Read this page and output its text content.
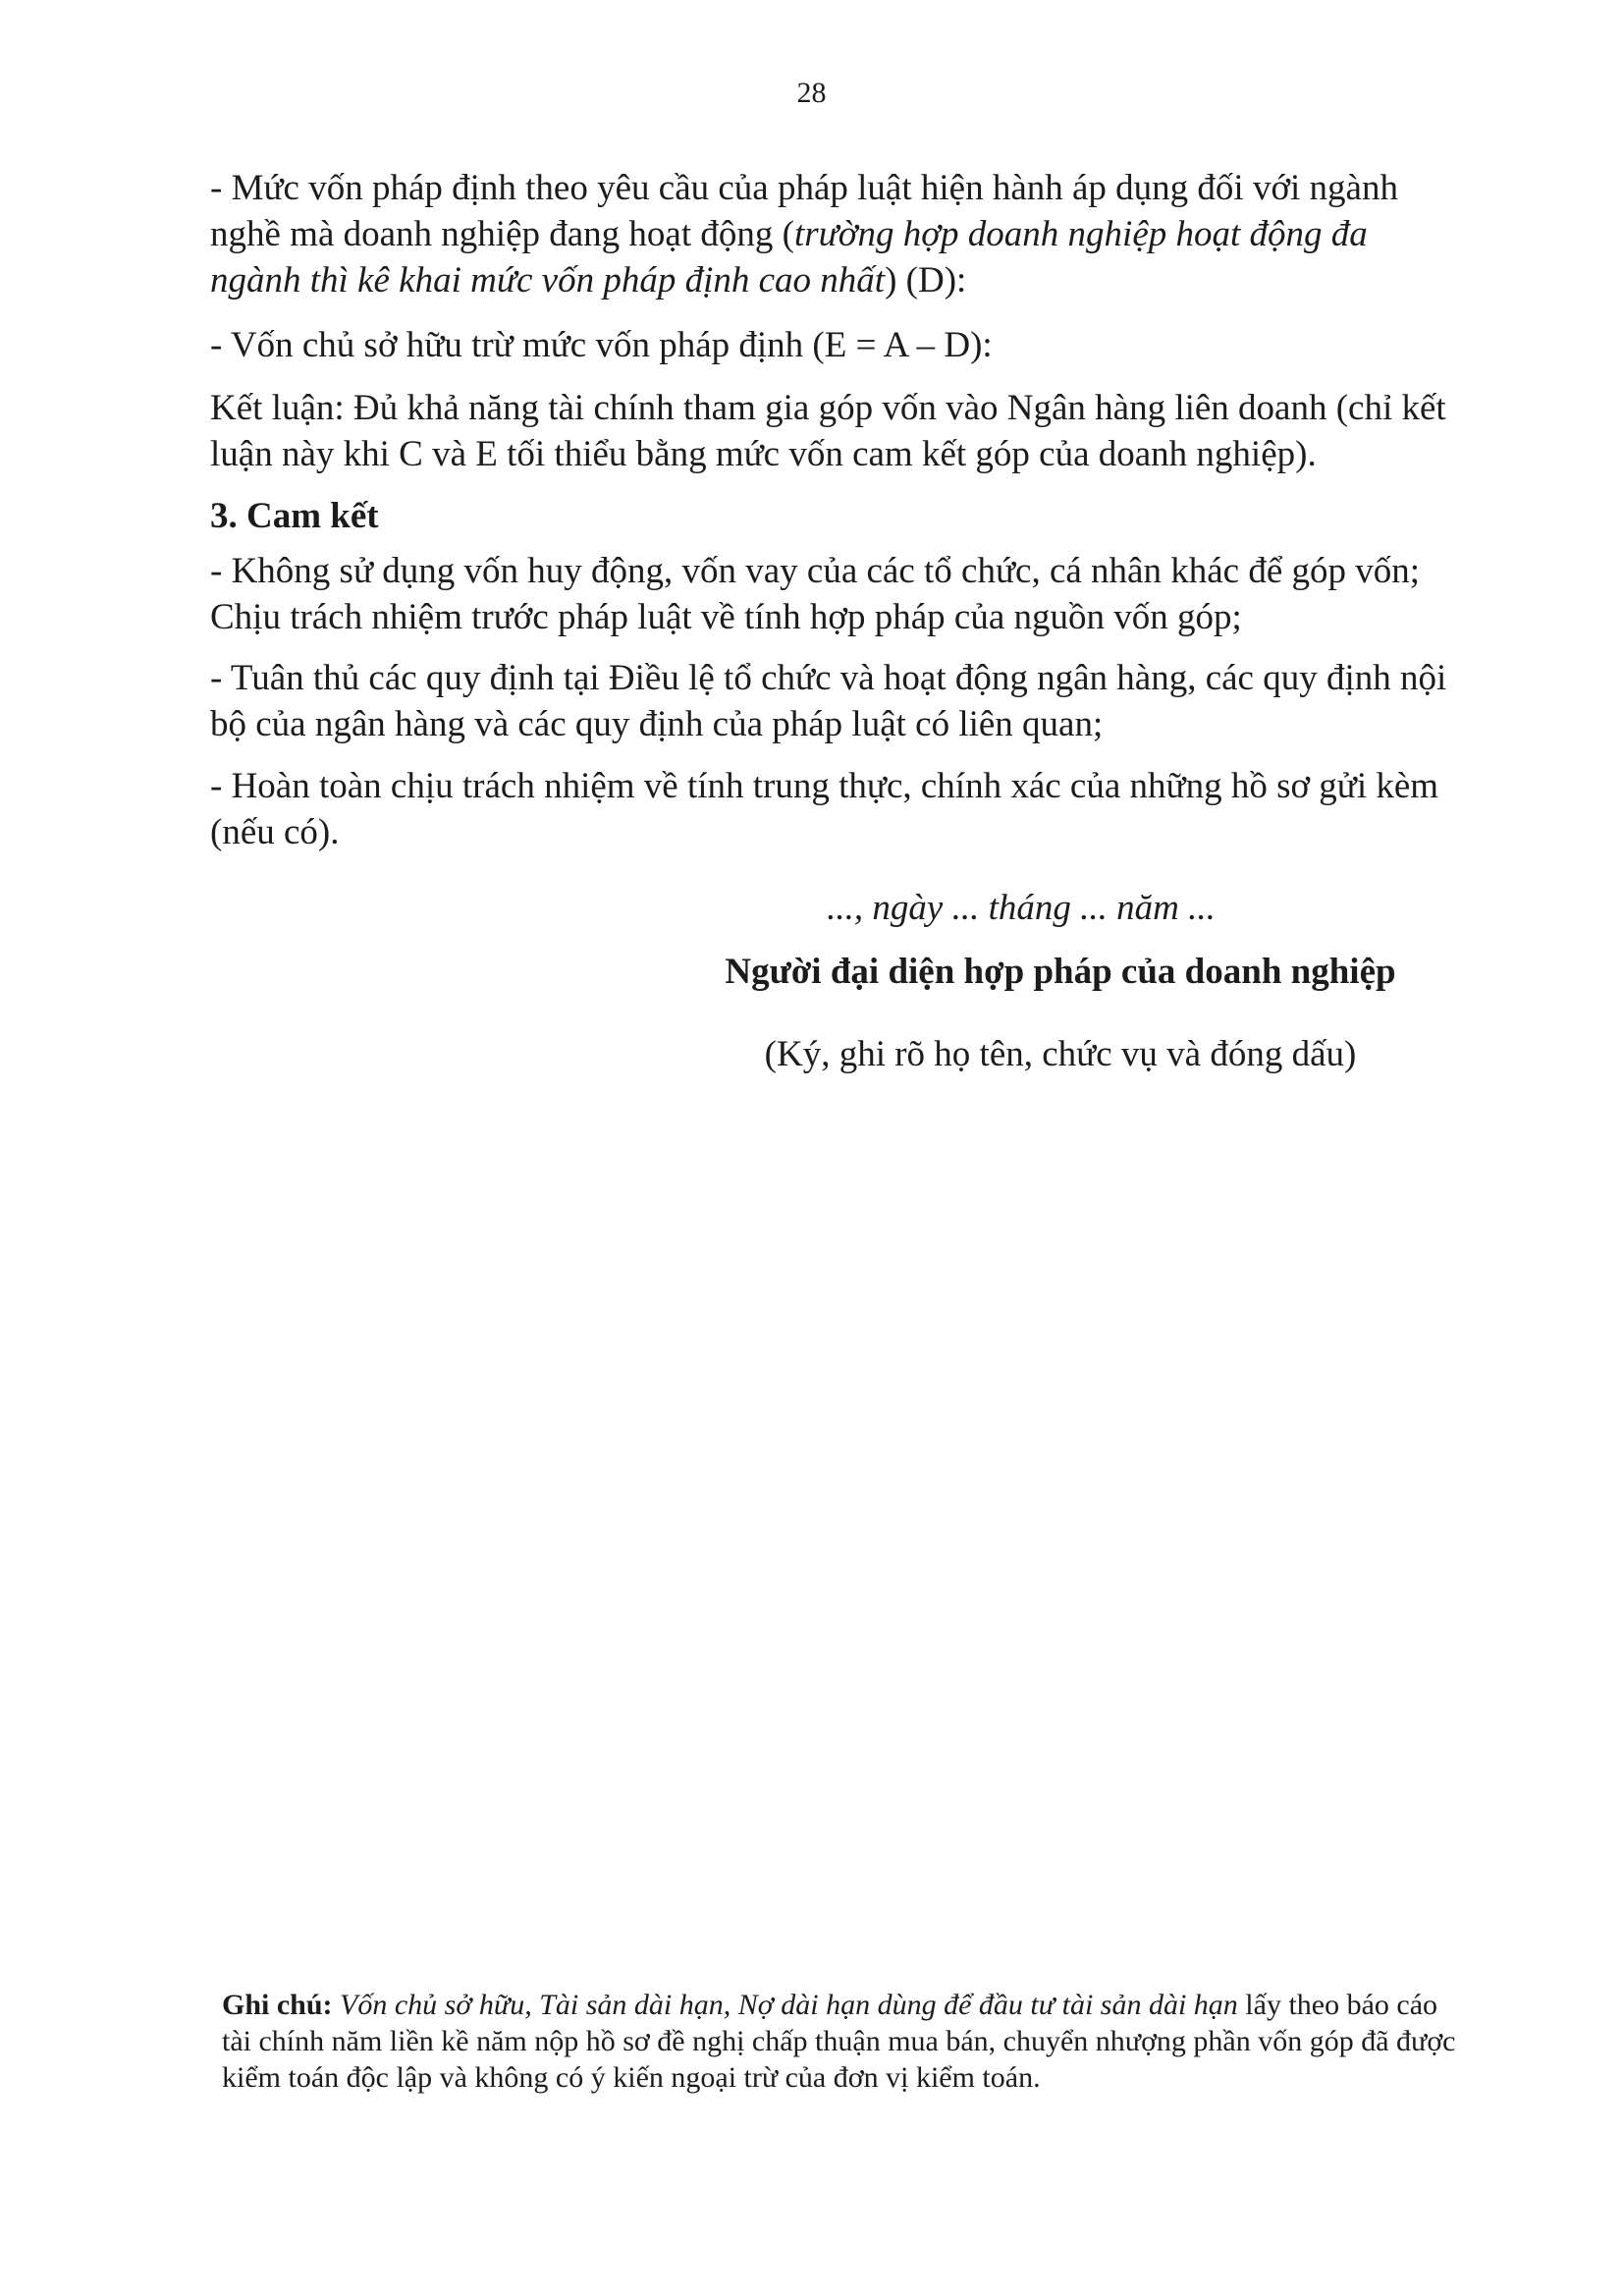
28

- Mức vốn pháp định theo yêu cầu của pháp luật hiện hành áp dụng đối với ngành nghề mà doanh nghiệp đang hoạt động (trường hợp doanh nghiệp hoạt động đa ngành thì kê khai mức vốn pháp định cao nhất) (D):

- Vốn chủ sở hữu trừ mức vốn pháp định (E = A – D):

Kết luận: Đủ khả năng tài chính tham gia góp vốn vào Ngân hàng liên doanh (chỉ kết luận này khi C và E tối thiểu bằng mức vốn cam kết góp của doanh nghiệp).

3. Cam kết

- Không sử dụng vốn huy động, vốn vay của các tổ chức, cá nhân khác để góp vốn; Chịu trách nhiệm trước pháp luật về tính hợp pháp của nguồn vốn góp;

- Tuân thủ các quy định tại Điều lệ tổ chức và hoạt động ngân hàng, các quy định nội bộ của ngân hàng và các quy định của pháp luật có liên quan;

- Hoàn toàn chịu trách nhiệm về tính trung thực, chính xác của những hồ sơ gửi kèm (nếu có).

..., ngày ... tháng ... năm ...
Người đại diện hợp pháp của doanh nghiệp
(Ký, ghi rõ họ tên, chức vụ và đóng dấu)

Ghi chú: Vốn chủ sở hữu, Tài sản dài hạn, Nợ dài hạn dùng để đầu tư tài sản dài hạn lấy theo báo cáo tài chính năm liền kề năm nộp hồ sơ đề nghị chấp thuận mua bán, chuyển nhượng phần vốn góp đã được kiểm toán độc lập và không có ý kiến ngoại trừ của đơn vị kiểm toán.
